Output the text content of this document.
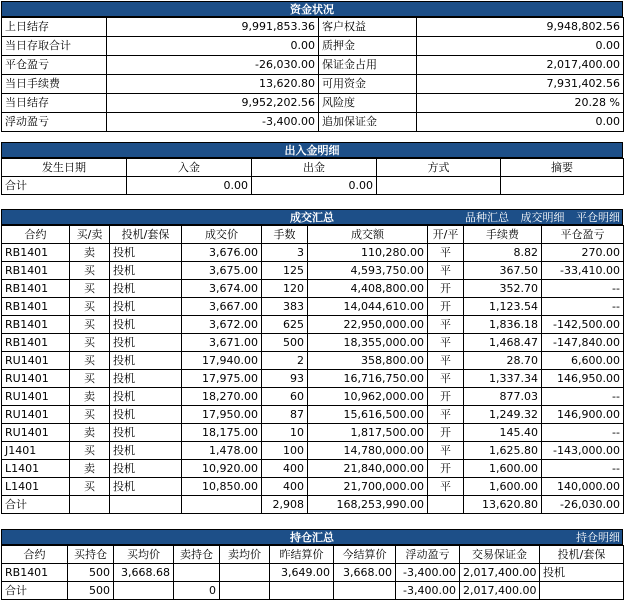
资金状况
上日结存	9,991,853.36	客户权益	9,948,802.56
当日存取合计	0.00	质押金	0.00
平仓盈亏	-26,030.00	保证金占用	2,017,400.00
当日手续费	13,620.80	可用资金	7,931,402.56
当日结存	9,952,202.56	风险度	20.28 %
浮动盈亏	-3,400.00	追加保证金	0.00
出入金明细
发生日期	入金	出金	方式	摘要
合计	0.00	0.00		
成交汇总	品种汇总 成交明细 平仓明细
合约	买/卖	投机/套保	成交价	手数	成交额	开/平	手续费	平仓盈亏
RB1401	卖	投机	3,676.00	3	110,280.00	平	8.82	270.00
RB1401	买	投机	3,675.00	125	4,593,750.00	平	367.50	-33,410.00
RB1401	买	投机	3,674.00	120	4,408,800.00	开	352.70	--
RB1401	买	投机	3,667.00	383	14,044,610.00	开	1,123.54	--
RB1401	买	投机	3,672.00	625	22,950,000.00	平	1,836.18	-142,500.00
RB1401	买	投机	3,671.00	500	18,355,000.00	平	1,468.47	-147,840.00
RU1401	买	投机	17,940.00	2	358,800.00	平	28.70	6,600.00
RU1401	买	投机	17,975.00	93	16,716,750.00	平	1,337.34	146,950.00
RU1401	卖	投机	18,270.00	60	10,962,000.00	开	877.03	--
RU1401	买	投机	17,950.00	87	15,616,500.00	平	1,249.32	146,900.00
RU1401	卖	投机	18,175.00	10	1,817,500.00	开	145.40	--
J1401	买	投机	1,478.00	100	14,780,000.00	平	1,625.80	-143,000.00
L1401	卖	投机	10,920.00	400	21,840,000.00	开	1,600.00	--
L1401	买	投机	10,850.00	400	21,700,000.00	平	1,600.00	140,000.00
合计				2,908	168,253,990.00		13,620.80	-26,030.00
持仓汇总	持仓明细
合约	买持仓	买均价	卖持仓	卖均价	昨结算价	今结算价	浮动盈亏	交易保证金	投机/套保
RB1401	500	3,668.68			3,649.00	3,668.00	-3,400.00	2,017,400.00	投机
合计	500		0				-3,400.00	2,017,400.00	
